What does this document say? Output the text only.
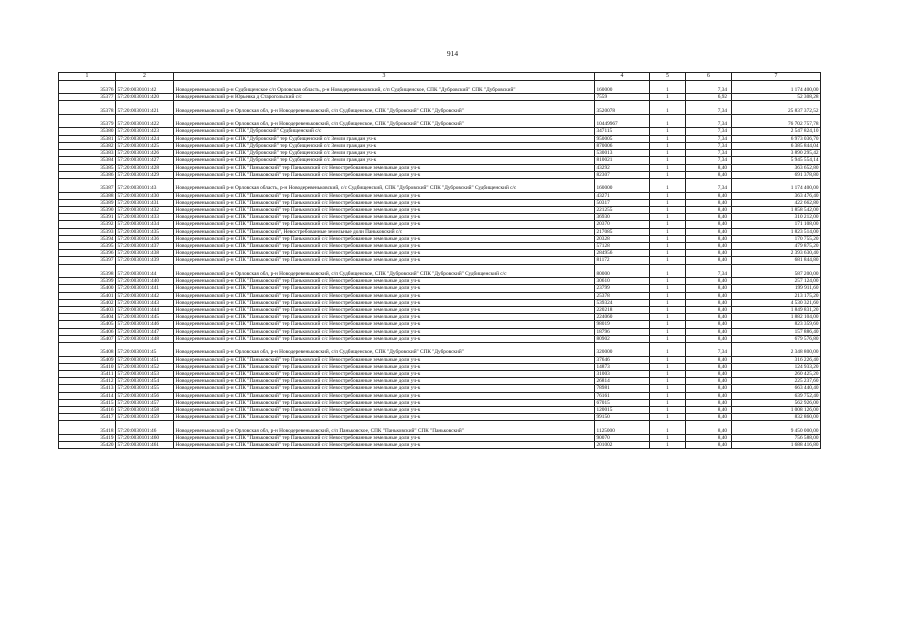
914
1	2	3	4	5	6	7
35376	57:20:0030101:42	Новодеревеньковский р-н Судбищенское с/п Орловская область, р-н Новодеревеньковский, с/п Судбищенское, СПК "Дубровский" СПК "Дубровский"	160000	1	7,34	1 174 400,00
35377	57:20:0030101:420	Новодеревеньковский р-н Юрьевка д Старогольский с/с	7559	1	6,92	52 308,28
35378	57:20:0030101:421	Новодеревеньковский р-н Орловская обл, р-н Новодеревеньковский, с/п Судбищенское, СПК "Дубровский" СПК "Дубровский"	3520078	1	7,34	25 837 372,52
35379	57:20:0030101:422	Новодеревеньковский р-н Орловская обл, р-н Новодеревеньковский, с/п Судбищенское, СПК "Дубровский" СПК "Дубровский"	10449967	1	7,34	76 702 757,78
35380	57:20:0030101:423	Новодеревеньковский р-н СПК "Дубровский" Судбищенский с/с	347115	1	7,34	2 547 824,10
35381	57:20:0030101:424	Новодеревеньковский р-н СПК "Дубровский" тер Судбищенский с/с Земли граждан уч-к	950005	1	7,34	6 973 036,70
35382	57:20:0030101:425	Новодеревеньковский р-н СПК "Дубровский" тер Судбищенский с/с Земли граждан уч-к	870006	1	7,34	6 385 844,04
35383	57:20:0030101:426	Новодеревеньковский р-н СПК "Дубровский" тер Судбищенский с/с Земли граждан уч-к	530013	1	7,34	3 890 295,42
35384	57:20:0030101:427	Новодеревеньковский р-н СПК "Дубровский" тер Судбищенский с/с Земли граждан уч-к	810021	1	7,34	5 945 554,14
35385	57:20:0030101:428	Новодеревеньковский р-н СПК "Паньковский" тер Паньковский с/с Невостребованные земельные доли уч-к	43292	1	8,40	363 652,80
35386	57:20:0030101:429	Новодеревеньковский р-н СПК "Паньковский" тер Паньковский с/с Невостребованные земельные доли уч-к	82307	1	8,40	691 378,80
35387	57:20:0030101:43	Новодеревеньковский р-н Орловская область, р-н Новодеревеньковский, с/с Судбищенский, СПК "Дубровский" СПК "Дубровский" Судбищенский с/с	160000	1	7,34	1 174 400,00
35388	57:20:0030101:430	Новодеревеньковский р-н СПК "Паньковский" тер Паньковский с/с Невостребованные земельные доли уч-к	43271	1	8,40	363 476,40
35389	57:20:0030101:431	Новодеревеньковский р-н СПК "Паньковский" тер Паньковский с/с Невостребованные земельные доли уч-к	50317	1	8,40	422 662,80
35390	57:20:0030101:432	Новодеревеньковский р-н СПК "Паньковский" тер Паньковский с/с Невостребованные земельные доли уч-к	221255	1	8,40	1 858 542,00
35391	57:20:0030101:433	Новодеревеньковский р-н СПК "Паньковский" тер Паньковский с/с Невостребованные земельные доли уч-к	36930	1	8,40	310 212,00
35392	57:20:0030101:434	Новодеревеньковский р-н СПК "Паньковский" тер Паньковский с/с Невостребованные земельные доли уч-к	20370	1	8,40	171 108,00
35393	57:20:0030101:435	Новодеревеньковский р-н СПК "Паньковский", Невостребованные земельные доли Паньковский с/с	217085	1	8,40	1 823 514,00
35394	57:20:0030101:436	Новодеревеньковский р-н СПК "Паньковский" тер Паньковский с/с Невостребованные земельные доли уч-к	20328	1	8,40	170 755,20
35395	57:20:0030101:437	Новодеревеньковский р-н СПК "Паньковский" тер Паньковский с/с Невостребованные земельные доли уч-к	57128	1	8,40	479 875,20
35396	57:20:0030101:438	Новодеревеньковский р-н СПК "Паньковский" тер Паньковский с/с Невостребованные земельные доли уч-к	284956	1	8,40	2 393 630,40
35397	57:20:0030101:439	Новодеревеньковский р-н СПК "Паньковский" тер Паньковский с/с Невостребованные земельные доли уч-к	81172	1	8,40	681 844,80
35398	57:20:0030101:44	Новодеревеньковский р-н Орловская обл, р-н Новодеревеньковский, с/п Судбищенское, СПК "Дубровский" СПК "Дубровский" Судбищенский с/с	80000	1	7,34	587 200,00
35399	57:20:0030101:440	Новодеревеньковский р-н СПК "Паньковский" тер Паньковский с/с Невостребованные земельные доли уч-к	30610	1	8,40	257 124,00
35400	57:20:0030101:441	Новодеревеньковский р-н СПК "Паньковский" тер Паньковский с/с Невостребованные земельные доли уч-к	23799	1	8,40	199 911,60
35401	57:20:0030101:442	Новодеревеньковский р-н СПК "Паньковский" тер Паньковский с/с Невостребованные земельные доли уч-к	25378	1	8,40	213 175,20
35402	57:20:0030101:443	Новодеревеньковский р-н СПК "Паньковский" тер Паньковский с/с Невостребованные земельные доли уч-к	539324	1	8,40	4 530 321,60
35403	57:20:0030101:444	Новодеревеньковский р-н СПК "Паньковский" тер Паньковский с/с Невостребованные земельные доли уч-к	220218	1	8,40	1 849 831,20
35404	57:20:0030101:445	Новодеревеньковский р-н СПК "Паньковский" тер Паньковский с/с Невостребованные земельные доли уч-к	224060	1	8,40	1 882 104,00
35405	57:20:0030101:446	Новодеревеньковский р-н СПК "Паньковский" тер Паньковский с/с Невостребованные земельные доли уч-к	98019	1	8,40	823 359,60
35406	57:20:0030101:447	Новодеревеньковский р-н СПК "Паньковский" тер Паньковский с/с Невостребованные земельные доли уч-к	18796	1	8,40	157 886,40
35407	57:20:0030101:448	Новодеревеньковский р-н СПК "Паньковский" тер Паньковский с/с Невостребованные земельные доли уч-к	80902	1	8,40	679 576,80
35408	57:20:0030101:45	Новодеревеньковский р-н Орловская обл, р-н Новодеревеньковский, с/п Судбищенское, СПК "Дубровский" СПК "Дубровский"	320000	1	7,34	2 348 800,00
35409	57:20:0030101:451	Новодеревеньковский р-н СПК "Паньковский" тер Паньковский с/с Невостребованные земельные доли уч-к	37646	1	8,40	316 226,40
35410	57:20:0030101:452	Новодеревеньковский р-н СПК "Паньковский" тер Паньковский с/с Невостребованные земельные доли уч-к	14873	1	8,40	124 933,20
35411	57:20:0030101:453	Новодеревеньковский р-н СПК "Паньковский" тер Паньковский с/с Невостребованные земельные доли уч-к	31003	1	8,40	260 425,20
35412	57:20:0030101:454	Новодеревеньковский р-н СПК "Паньковский" тер Паньковский с/с Невостребованные земельные доли уч-к	26814	1	8,40	225 237,60
35413	57:20:0030101:455	Новодеревеньковский р-н СПК "Паньковский" тер Паньковский с/с Невостребованные земельные доли уч-к	78981	1	8,40	663 440,40
35414	57:20:0030101:456	Новодеревеньковский р-н СПК "Паньковский" тер Паньковский с/с Невостребованные земельные доли уч-к	76161	1	8,40	639 752,40
35415	57:20:0030101:457	Новодеревеньковский р-н СПК "Паньковский" тер Паньковский с/с Невостребованные земельные доли уч-к	67015	1	8,40	562 926,00
35416	57:20:0030101:458	Новодеревеньковский р-н СПК "Паньковский" тер Паньковский с/с Невостребованные земельные доли уч-к	120015	1	8,40	1 008 126,00
35417	57:20:0030101:459	Новодеревеньковский р-н СПК "Паньковский" тер Паньковский с/с Невостребованные земельные доли уч-к	99150	1	8,40	832 860,00
35418	57:20:0030101:46	Новодеревеньковский р-н Орловская обл, р-н Новодеревеньковский, с/п Паньковское, СПК "Паньковский" СПК "Паньковский"	1125000	1	8,40	9 450 000,00
35419	57:20:0030101:460	Новодеревеньковский р-н СПК "Паньковский" тер Паньковский с/с Невостребованные земельные доли уч-к	90070	1	8,40	756 588,00
35420	57:20:0030101:461	Новодеревеньковский р-н СПК "Паньковский" тер Паньковский с/с Невостребованные земельные доли уч-к	201002	1	8,40	1 688 416,80
